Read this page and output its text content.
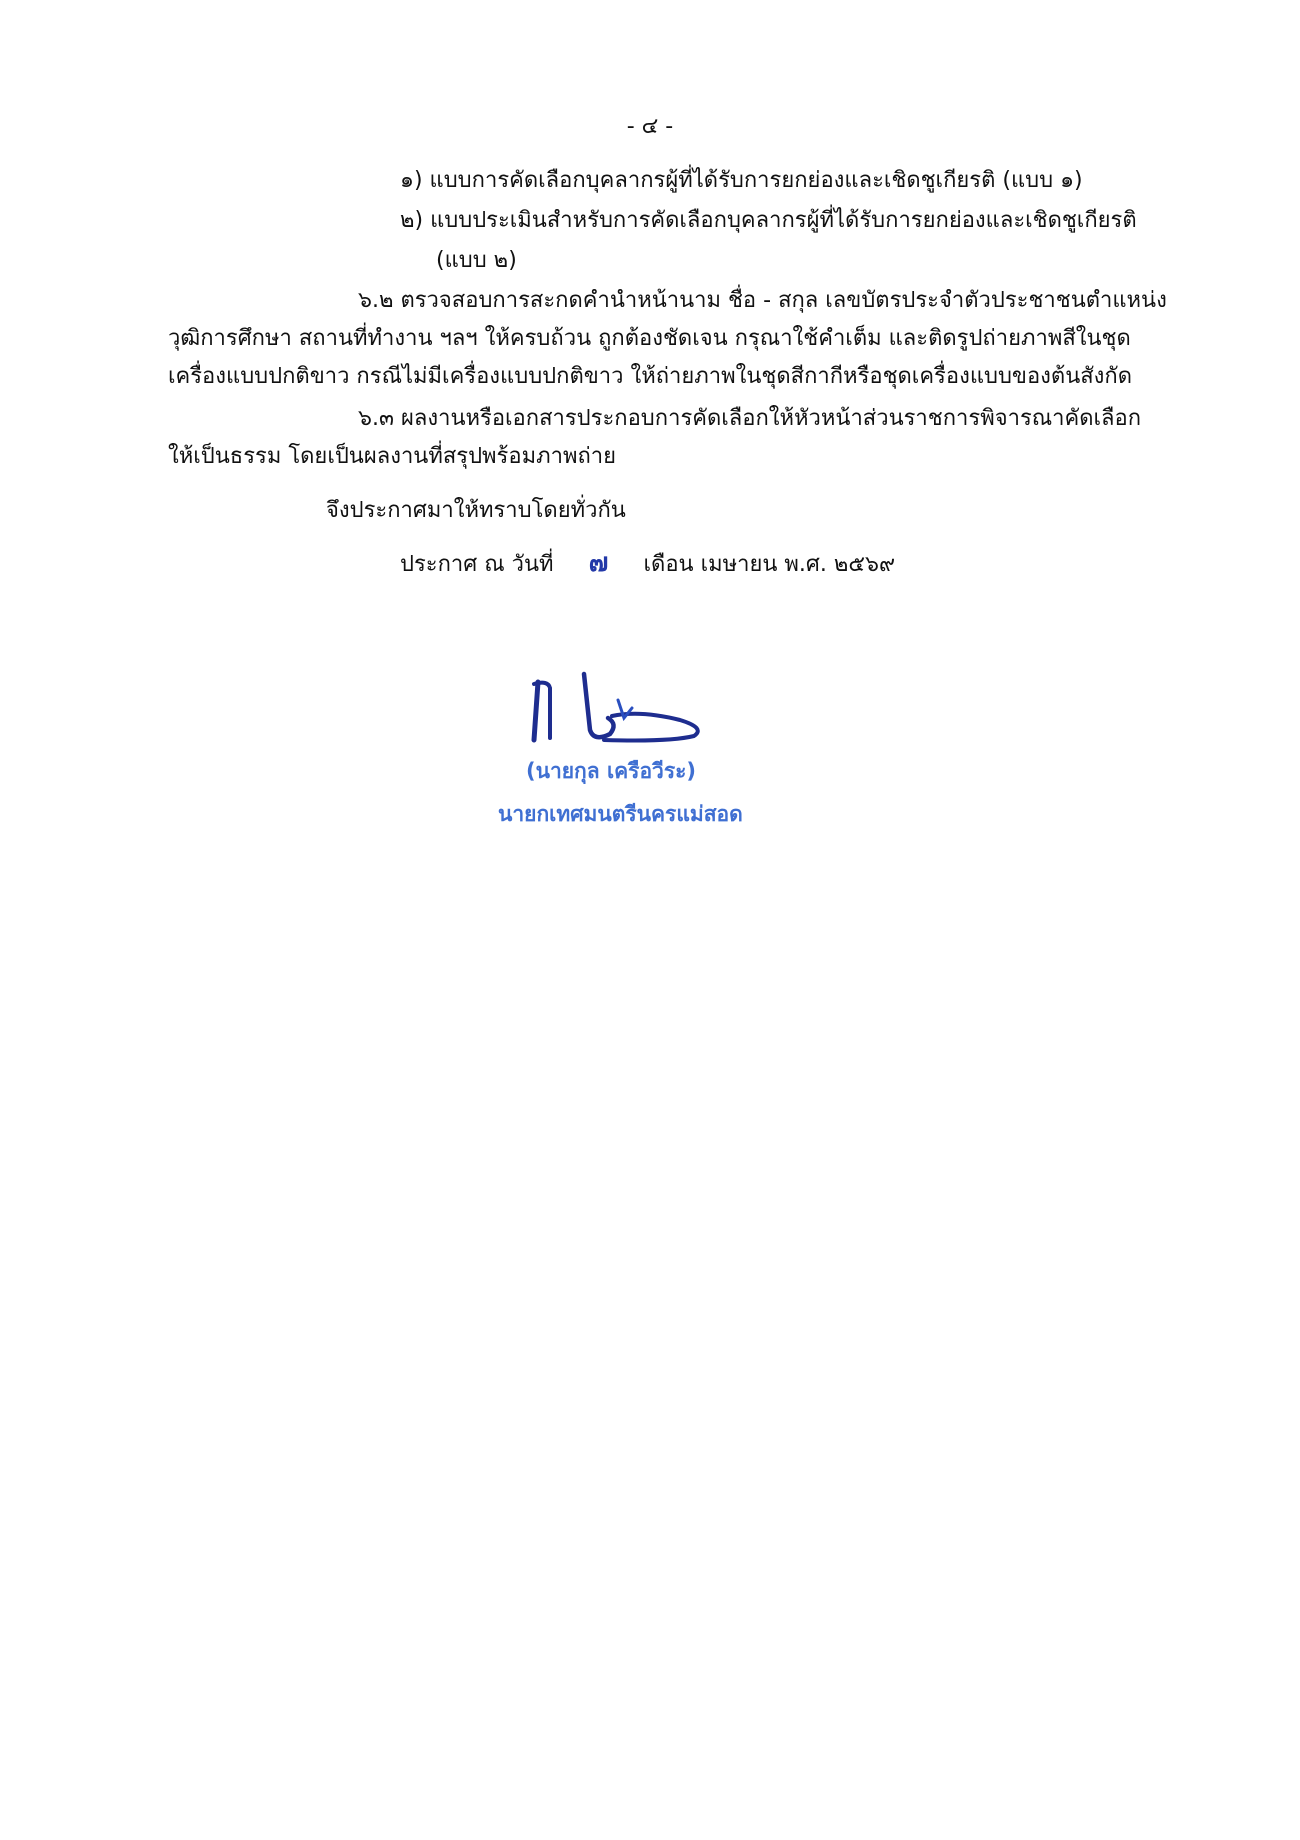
- ๔ -
๑) แบบการคัดเลือกบุคลากรผู้ที่ได้รับการยกย่องและเชิดชูเกียรติ (แบบ ๑)
๒) แบบประเมินสำหรับการคัดเลือกบุคลากรผู้ที่ได้รับการยกย่องและเชิดชูเกียรติ
(แบบ ๒)
๖.๒ ตรวจสอบการสะกดคำนำหน้านาม ชื่อ - สกุล เลขบัตรประจำตัวประชาชนตำแหน่ง
วุฒิการศึกษา สถานที่ทำงาน ฯลฯ ให้ครบถ้วน ถูกต้องชัดเจน กรุณาใช้คำเต็ม และติดรูปถ่ายภาพสีในชุด
เครื่องแบบปกติขาว กรณีไม่มีเครื่องแบบปกติขาว ให้ถ่ายภาพในชุดสีกากีหรือชุดเครื่องแบบของต้นสังกัด
๖.๓ ผลงานหรือเอกสารประกอบการคัดเลือกให้หัวหน้าส่วนราชการพิจารณาคัดเลือก
ให้เป็นธรรม โดยเป็นผลงานที่สรุปพร้อมภาพถ่าย
จึงประกาศมาให้ทราบโดยทั่วกัน
ประกาศ ณ วันที่ ๗ เดือน เมษายน พ.ศ. ๒๕๖๙
(นายกุล เครือวีระ)
นายกเทศมนตรีนครแม่สอด
